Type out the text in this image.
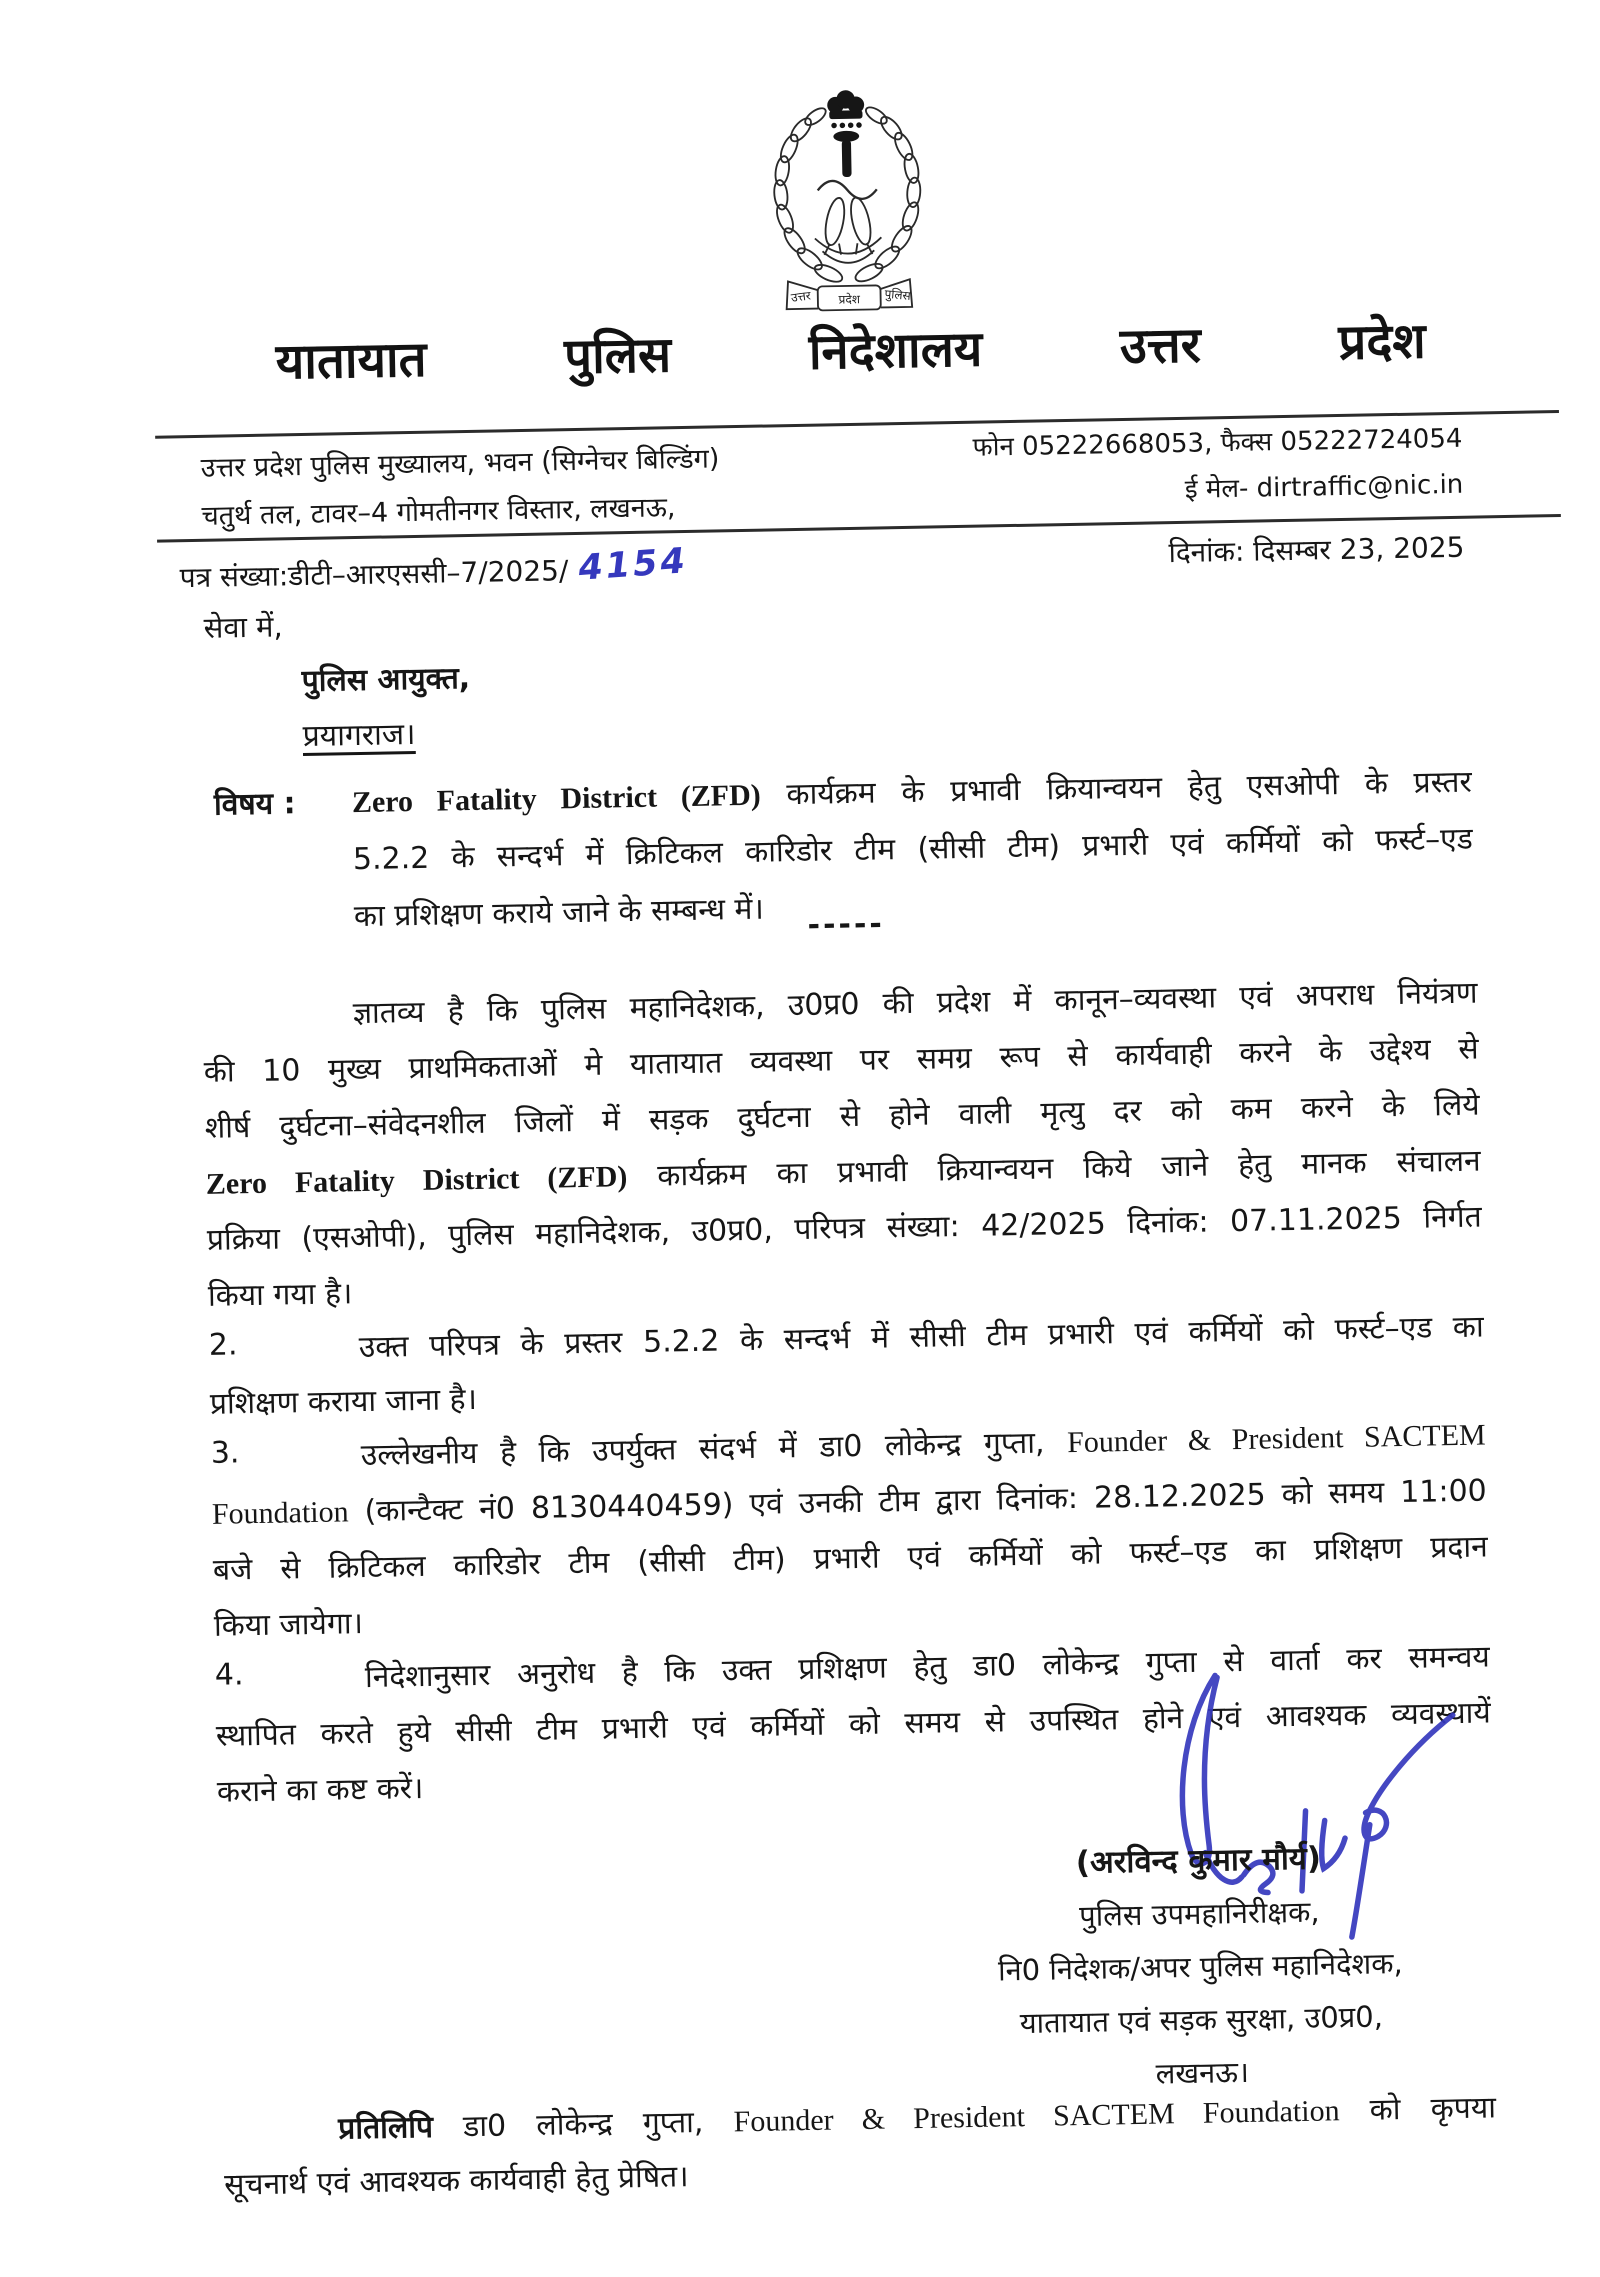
उत्तर प्रदेश पुलिस
यातायात पुलिस निदेशालय उत्तर प्रदेश
उत्तर प्रदेश पुलिस मुख्यालय, भवन (सिग्नेचर बिल्डिंग)
चतुर्थ तल, टावर–4 गोमतीनगर विस्तार, लखनऊ,
फोन 05222668053, फैक्स 05222724054
ई मेल- dirtraffic@nic.in
पत्र संख्या:डीटी–आरएससी–7/2025/ 4154	दिनांक: दिसम्बर 23, 2025
सेवा में,
पुलिस आयुक्त,
प्रयागराज।
विषय : Zero Fatality District (ZFD) कार्यक्रम के प्रभावी क्रियान्वयन हेतु एसओपी के प्रस्तर
5.2.2 के सन्दर्भ में क्रिटिकल कारिडोर टीम (सीसी टीम) प्रभारी एवं कर्मियों को फर्स्ट–एड
का प्रशिक्षण कराये जाने के सम्बन्ध में।	-----
ज्ञातव्य है कि पुलिस महानिदेशक, उ0प्र0 की प्रदेश में कानून–व्यवस्था एवं अपराध नियंत्रण
की 10 मुख्य प्राथमिकताओं मे यातायात व्यवस्था पर समग्र रूप से कार्यवाही करने के उद्देश्य से
शीर्ष दुर्घटना–संवेदनशील जिलों में सड़क दुर्घटना से होने वाली मृत्यु दर को कम करने के लिये
Zero Fatality District (ZFD) कार्यक्रम का प्रभावी क्रियान्वयन किये जाने हेतु मानक संचालन
प्रक्रिया (एसओपी), पुलिस महानिदेशक, उ0प्र0, परिपत्र संख्या: 42/2025 दिनांक: 07.11.2025 निर्गत
किया गया है।
2.	उक्त परिपत्र के प्रस्तर 5.2.2 के सन्दर्भ में सीसी टीम प्रभारी एवं कर्मियों को फर्स्ट–एड का
प्रशिक्षण कराया जाना है।
3.	उल्लेखनीय है कि उपर्युक्त संदर्भ में डा0 लोकेन्द्र गुप्ता, Founder & President SACTEM
Foundation (कान्टैक्ट नं0 8130440459) एवं उनकी टीम द्वारा दिनांक: 28.12.2025 को समय 11:00
बजे से क्रिटिकल कारिडोर टीम (सीसी टीम) प्रभारी एवं कर्मियों को फर्स्ट–एड का प्रशिक्षण प्रदान
किया जायेगा।
4.	निदेशानुसार अनुरोध है कि उक्त प्रशिक्षण हेतु डा0 लोकेन्द्र गुप्ता से वार्ता कर समन्वय
स्थापित करते हुये सीसी टीम प्रभारी एवं कर्मियों को समय से उपस्थित होने एवं आवश्यक व्यवस्थायें
कराने का कष्ट करें।
(अरविन्द कुमार मौर्य)
पुलिस उपमहानिरीक्षक,
नि0 निदेशक/अपर पुलिस महानिदेशक,
यातायात एवं सड़क सुरक्षा, उ0प्र0,
लखनऊ।
प्रतिलिपि डा0 लोकेन्द्र गुप्ता, Founder & President SACTEM Foundation को कृपया
सूचनार्थ एवं आवश्यक कार्यवाही हेतु प्रेषित।
